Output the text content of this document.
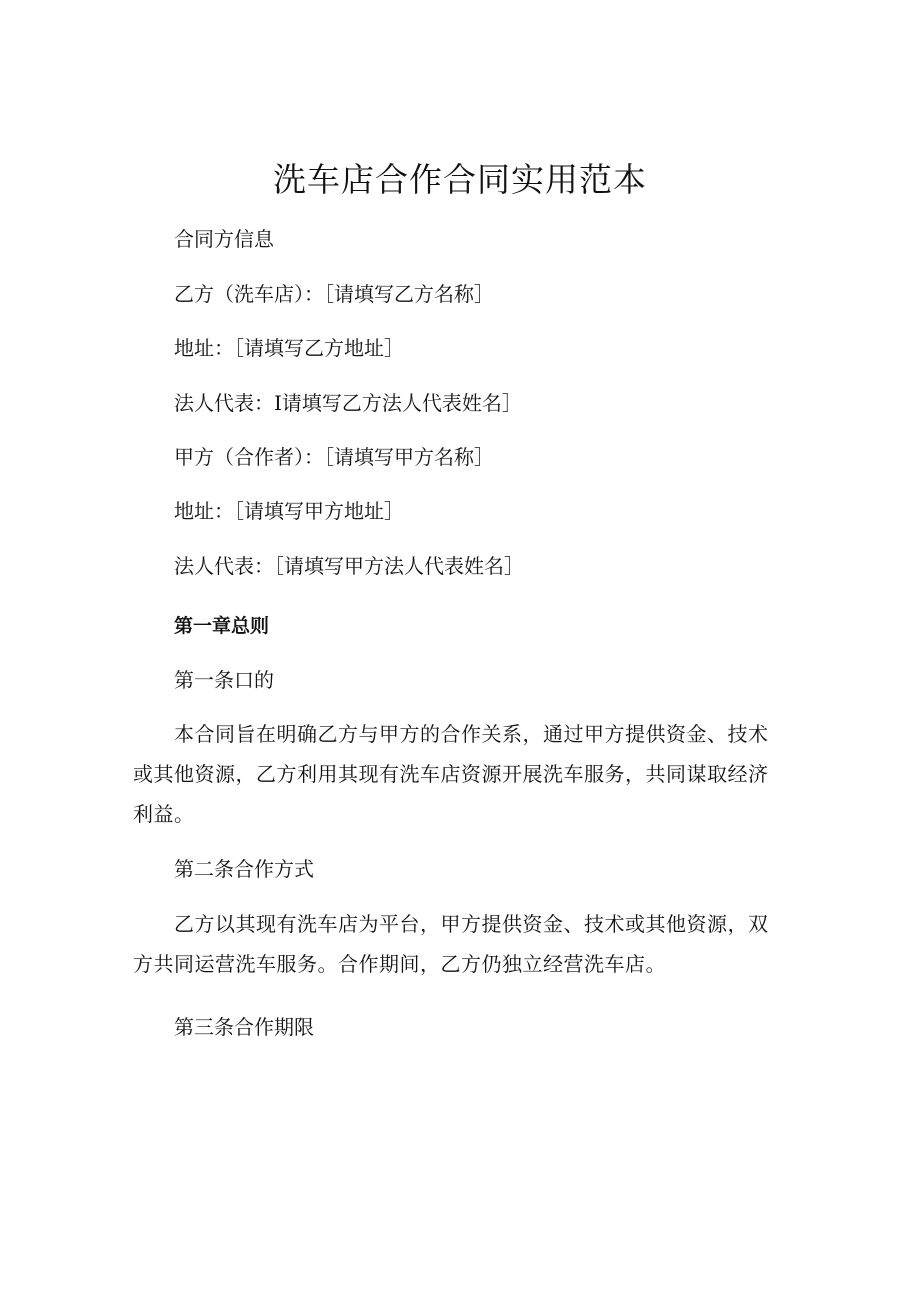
洗车店合作合同实用范本
合同方信息
乙方（洗车店）：［请填写乙方名称］
地址：［请填写乙方地址］
法人代表：I请填写乙方法人代表姓名］
甲方（合作者）：［请填写甲方名称］
地址：［请填写甲方地址］
法人代表：［请填写甲方法人代表姓名］
第一章总则
第一条口的
本合同旨在明确乙方与甲方的合作关系，通过甲方提供资金、技术或其他资源，乙方利用其现有洗车店资源开展洗车服务，共同谋取经济利益。
第二条合作方式
乙方以其现有洗车店为平台，甲方提供资金、技术或其他资源，双方共同运营洗车服务。合作期间，乙方仍独立经营洗车店。
第三条合作期限
